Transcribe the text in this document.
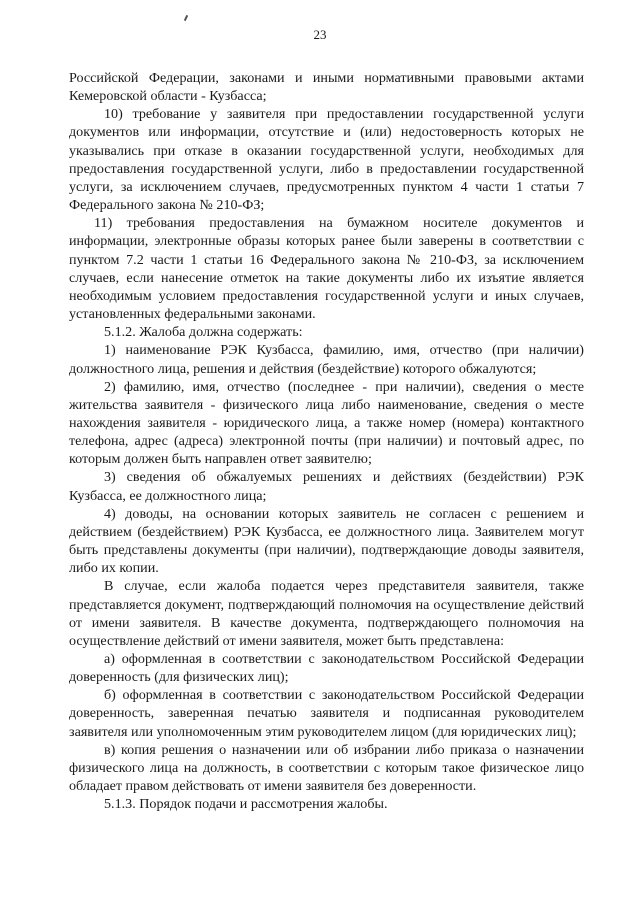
23

Российской Федерации, законами и иными нормативными правовыми актами Кемеровской области - Кузбасса;

10) требование у заявителя при предоставлении государственной услуги документов или информации, отсутствие и (или) недостоверность которых не указывались при отказе в оказании государственной услуги, необходимых для предоставления государственной услуги, либо в предоставлении государственной услуги, за исключением случаев, предусмотренных пунктом 4 части 1 статьи 7 Федерального закона № 210-ФЗ;

11) требования предоставления на бумажном носителе документов и информации, электронные образы которых ранее были заверены в соответствии с пунктом 7.2 части 1 статьи 16 Федерального закона № 210-ФЗ, за исключением случаев, если нанесение отметок на такие документы либо их изъятие является необходимым условием предоставления государственной услуги и иных случаев, установленных федеральными законами.

5.1.2. Жалоба должна содержать:

1) наименование РЭК Кузбасса, фамилию, имя, отчество (при наличии) должностного лица, решения и действия (бездействие) которого обжалуются;

2) фамилию, имя, отчество (последнее - при наличии), сведения о месте жительства заявителя - физического лица либо наименование, сведения о месте нахождения заявителя - юридического лица, а также номер (номера) контактного телефона, адрес (адреса) электронной почты (при наличии) и почтовый адрес, по которым должен быть направлен ответ заявителю;

3) сведения об обжалуемых решениях и действиях (бездействии) РЭК Кузбасса, ее должностного лица;

4) доводы, на основании которых заявитель не согласен с решением и действием (бездействием) РЭК Кузбасса, ее должностного лица. Заявителем могут быть представлены документы (при наличии), подтверждающие доводы заявителя, либо их копии.

В случае, если жалоба подается через представителя заявителя, также представляется документ, подтверждающий полномочия на осуществление действий от имени заявителя. В качестве документа, подтверждающего полномочия на осуществление действий от имени заявителя, может быть представлена:

а) оформленная в соответствии с законодательством Российской Федерации доверенность (для физических лиц);

б) оформленная в соответствии с законодательством Российской Федерации доверенность, заверенная печатью заявителя и подписанная руководителем заявителя или уполномоченным этим руководителем лицом (для юридических лиц);

в) копия решения о назначении или об избрании либо приказа о назначении физического лица на должность, в соответствии с которым такое физическое лицо обладает правом действовать от имени заявителя без доверенности.

5.1.3. Порядок подачи и рассмотрения жалобы.
